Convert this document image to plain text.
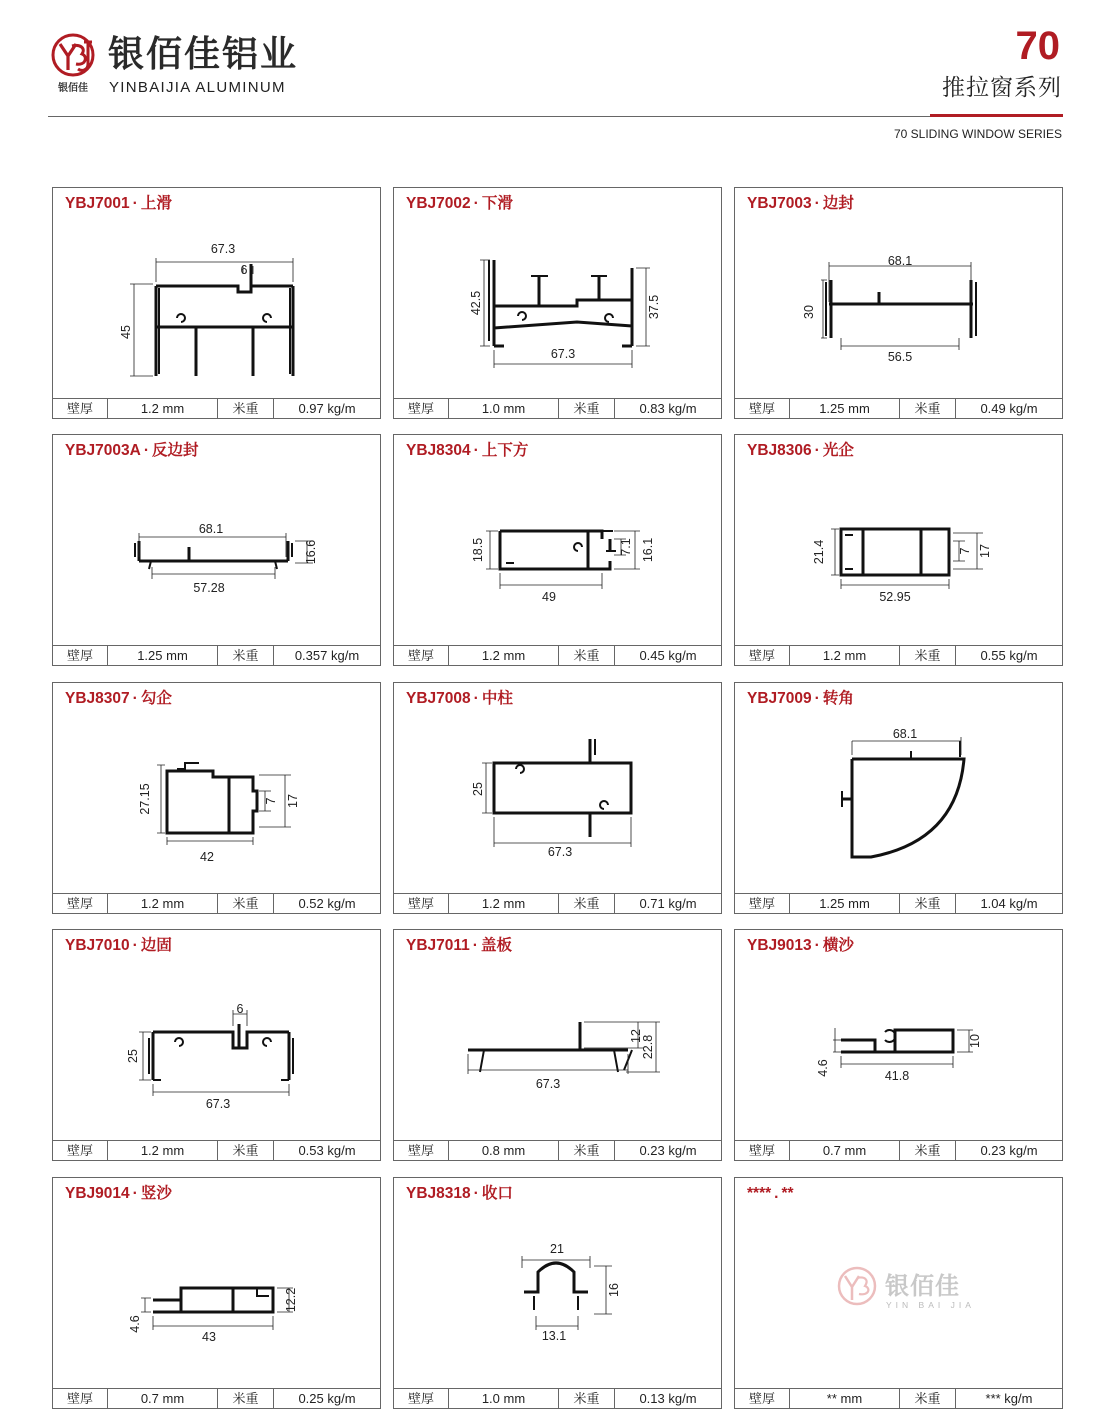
银佰佳
银佰佳铝业
YINBAIJIA ALUMINUM
70
推拉窗系列
70 SLIDING WINDOW SERIES
YBJ7001 · 上滑
67.3
6
45
壁厚	1.2 mm	米重	0.97 kg/m
YBJ7002 · 下滑
42.5	37.5
67.3
壁厚	1.0 mm	米重	0.83 kg/m
YBJ7003 · 边封
68.1
30
56.5
壁厚	1.25 mm	米重	0.49 kg/m
YBJ7003A · 反边封
68.1
16.6
57.28
壁厚	1.25 mm	米重	0.357 kg/m
YBJ8304 · 上下方
18.5	7.1 16.1
49
壁厚	1.2 mm	米重	0.45 kg/m
YBJ8306 · 光企
21.4	7 17
52.95
壁厚	1.2 mm	米重	0.55 kg/m
YBJ8307 · 勾企
27.15	7 17
42
壁厚	1.2 mm	米重	0.52 kg/m
YBJ7008 · 中柱
25
67.3
壁厚	1.2 mm	米重	0.71 kg/m
YBJ7009 · 转角
68.1
壁厚	1.25 mm	米重	1.04 kg/m
YBJ7010 · 边固
6
25
67.3
壁厚	1.2 mm	米重	0.53 kg/m
YBJ7011 · 盖板
12
22.8
67.3
壁厚	0.8 mm	米重	0.23 kg/m
YBJ9013 · 横沙
10
4.6	41.8
壁厚	0.7 mm	米重	0.23 kg/m
YBJ9014 · 竖沙
4.6
12.2
43
壁厚	0.7 mm	米重	0.25 kg/m
YBJ8318 · 收口
21
16
13.1
壁厚	1.0 mm	米重	0.13 kg/m
**** . **
银佰佳
YIN BAI JIA
壁厚	** mm	米重	*** kg/m
